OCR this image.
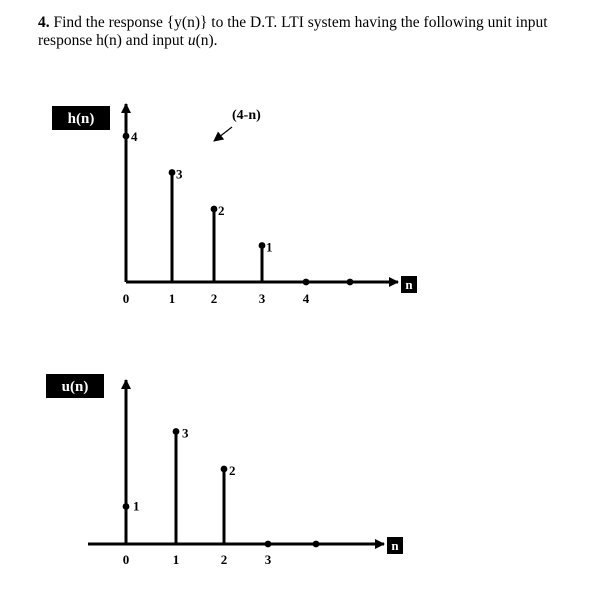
4. Find the response {y(n)} to the D.T. LTI system having the following unit input response h(n) and input u(n).
h(n)
n
4
3
2
1
0	1	2	3	4
(4-n)
u(n)
n
1
3
2
0	1	2	3
